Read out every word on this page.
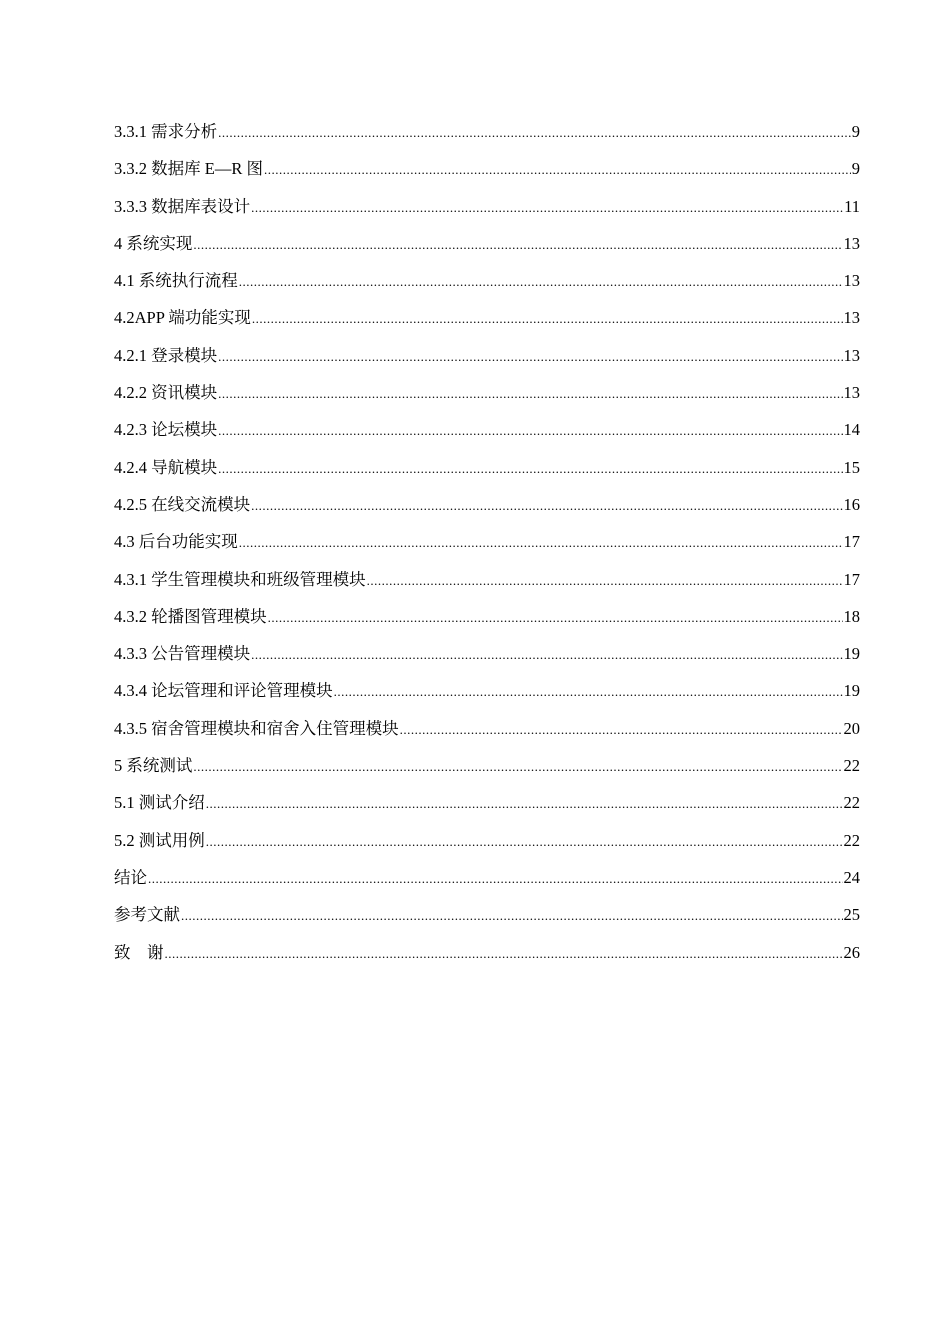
3.3.1 需求分析 .....	9
3.3.2 数据库 E—R 图 .....	9
3.3.3 数据库表设计 .....	11
4 系统实现 .....	13
4.1 系统执行流程 .....	13
4.2APP 端功能实现 .....	13
4.2.1 登录模块 .....	13
4.2.2 资讯模块 .....	13
4.2.3 论坛模块 .....	14
4.2.4 导航模块 .....	15
4.2.5 在线交流模块 .....	16
4.3 后台功能实现 .....	17
4.3.1 学生管理模块和班级管理模块 .....	17
4.3.2 轮播图管理模块 .....	18
4.3.3 公告管理模块 .....	19
4.3.4 论坛管理和评论管理模块 .....	19
4.3.5 宿舍管理模块和宿舍入住管理模块 .....	20
5 系统测试 .....	22
5.1 测试介绍 .....	22
5.2 测试用例 .....	22
结论 .....	24
参考文献 .....	25
致    谢 .....	26
